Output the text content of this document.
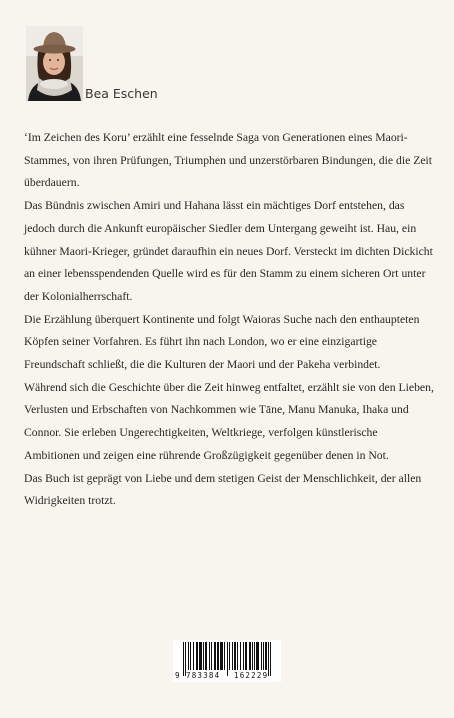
Bea Eschen

‘Im Zeichen des Koru’ erzählt eine fesselnde Saga von Generationen eines Maori-Stammes, von ihren Prüfungen, Triumphen und unzerstörbaren Bindungen, die die Zeit überdauern.

Das Bündnis zwischen Amiri und Hahana lässt ein mächtiges Dorf entstehen, das jedoch durch die Ankunft europäischer Siedler dem Untergang geweiht ist. Hau, ein kühner Maori-Krieger, gründet daraufhin ein neues Dorf. Versteckt im dichten Dickicht an einer lebensspendenden Quelle wird es für den Stamm zu einem sicheren Ort unter der Kolonialherrschaft.

Die Erzählung überquert Kontinente und folgt Waioras Suche nach den enthaupteten Köpfen seiner Vorfahren. Es führt ihn nach London, wo er eine einzigartige Freundschaft schließt, die die Kulturen der Maori und der Pakeha verbindet.

Während sich die Geschichte über die Zeit hinweg entfaltet, erzählt sie von den Lieben, Verlusten und Erbschaften von Nachkommen wie Tāne, Manu Manuka, Ihaka und Connor. Sie erleben Ungerechtigkeiten, Weltkriege, verfolgen künstlerische Ambitionen und zeigen eine rührende Großzügigkeit gegenüber denen in Not.

Das Buch ist geprägt von Liebe und dem stetigen Geist der Menschlichkeit, der allen Widrigkeiten trotzt.

9 783384 162229
